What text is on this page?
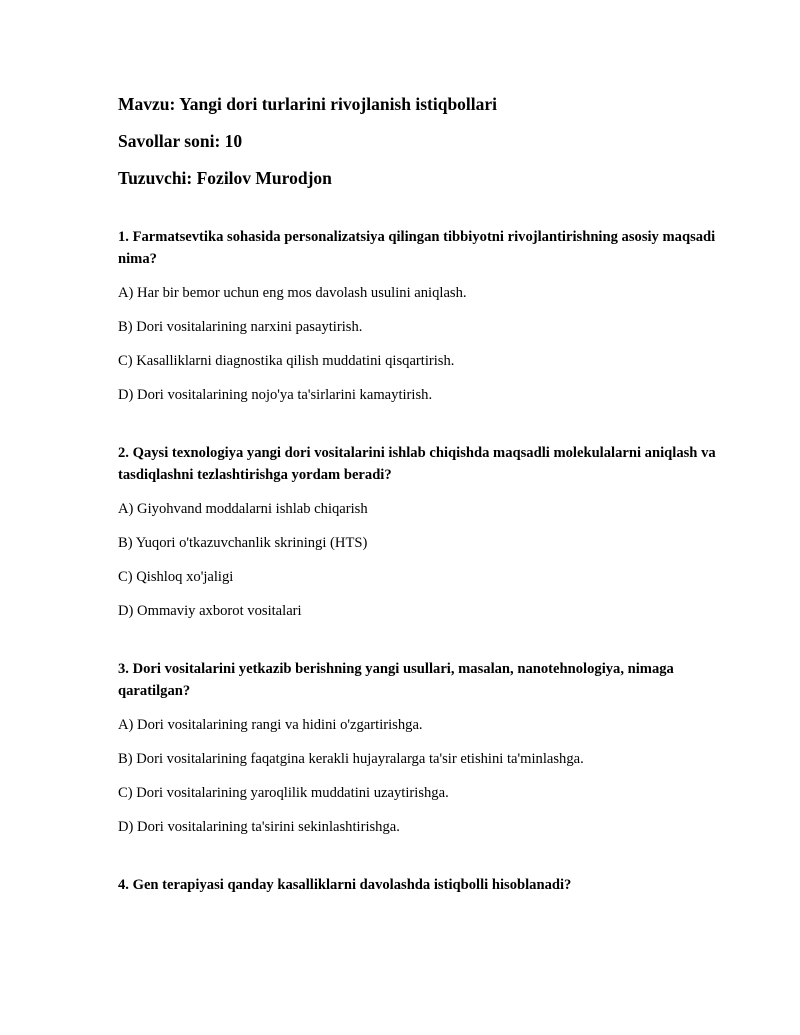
Mavzu: Yangi dori turlarini rivojlanish istiqbollari
Savollar soni: 10
Tuzuvchi: Fozilov Murodjon
1. Farmatsevtika sohasida personalizatsiya qilingan tibbiyotni rivojlantirishning asosiy maqsadi nima?
A) Har bir bemor uchun eng mos davolash usulini aniqlash.
B) Dori vositalarining narxini pasaytirish.
C) Kasalliklarni diagnostika qilish muddatini qisqartirish.
D) Dori vositalarining nojo'ya ta'sirlarini kamaytirish.
2. Qaysi texnologiya yangi dori vositalarini ishlab chiqishda maqsadli molekulalarni aniqlash va tasdiqlashni tezlashtirishga yordam beradi?
A) Giyohvand moddalarni ishlab chiqarish
B) Yuqori o'tkazuvchanlik skriningi (HTS)
C) Qishloq xo'jaligi
D) Ommaviy axborot vositalari
3. Dori vositalarini yetkazib berishning yangi usullari, masalan, nanotehnologiya, nimaga qaratilgan?
A) Dori vositalarining rangi va hidini o'zgartirishga.
B) Dori vositalarining faqatgina kerakli hujayralarga ta'sir etishini ta'minlashga.
C) Dori vositalarining yaroqlilik muddatini uzaytirishga.
D) Dori vositalarining ta'sirini sekinlashtirishga.
4. Gen terapiyasi qanday kasalliklarni davolashda istiqbolli hisoblanadi?
